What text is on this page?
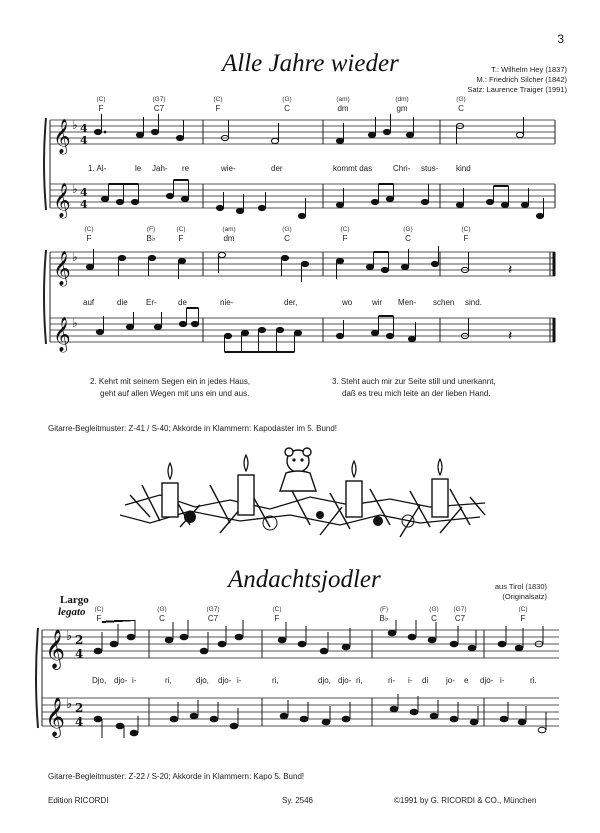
3
Alle Jahre wieder	T.: Wilhelm Hey (1837)
M.: Friedrich Silcher (1842)
Satz: Laurence Traiger (1991)
(C)
F
(G7)
C7
(C)
F
(G)
C
(am)
dm
(dm)
gm
(G)
C
𝄞
𝄞
♭
♭
4
4
4
4
1. Al-	le Jah- re	wie-	der	kommt das	Chri- stus- kind
(C)
F
(F)
B♭
(C)
F
(am)
dm
(G)
C
(C)
F
(G)
C
(C)
F
𝄞
𝄞
♭
♭
𝄽
𝄽
auf	die Er-	de	nie-	der,	wo wir Men- schen sind.
2. Kehrt mit seinem Segen ein in jedes Haus,
geht auf allen Wegen mit uns ein und aus.
3. Steht auch mir zur Seite still und unerkannt,
daß es treu mich leite an der lieben Hand.
Gitarre-Begleitmuster: Z-41 / S-40; Akkorde in Klammern: Kapodaster im 5. Bund!
Andachtsjodler	aus Tirol (1830)
(Originalsatz)
Largo
legato	(C)
F
(G)
C
(G7)
C7
(C)
F
(F)
B♭
(G)
C
(G7)
C7
(C)
F
𝄞
𝄞
♭
♭
2
4
2
4
Djo, djo- i-	ri,	djo, djo- i-	ri,	djo, djo- ri,	ri- i- di jo- e djo- i-	ri.
Gitarre-Begleitmuster: Z-22 / S-20; Akkorde in Klammern: Kapo 5. Bund!
Edition RICORDI	Sy. 2546	©1991 by G. RICORDI & CO., München
